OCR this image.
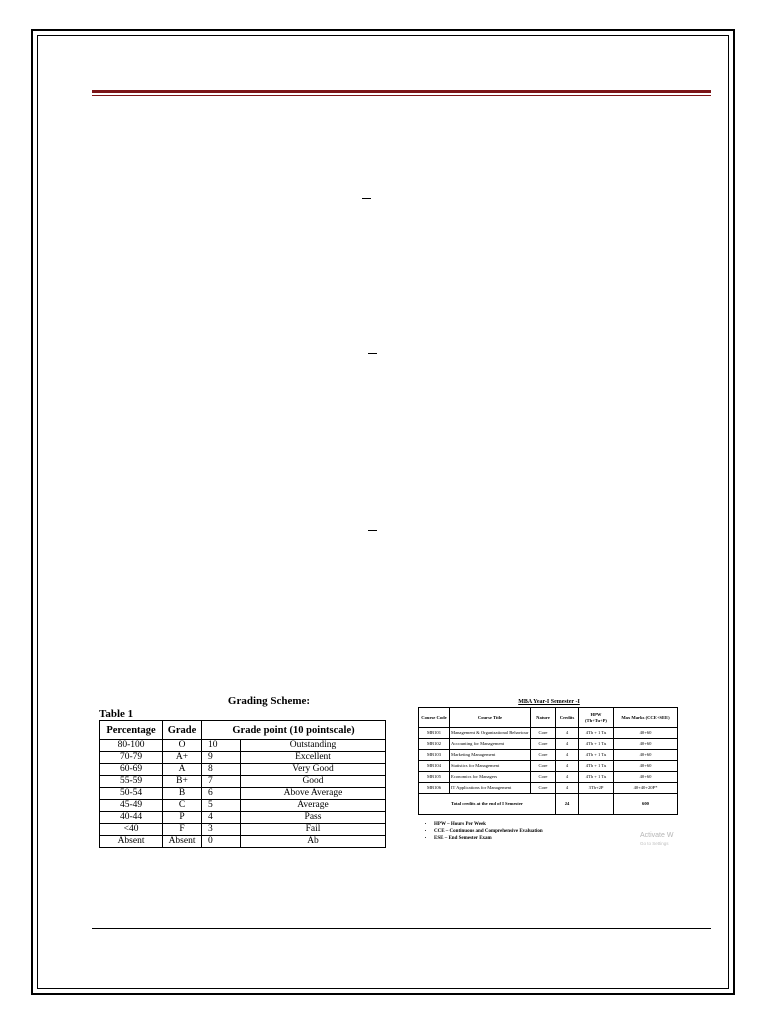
Grading Scheme:
Table 1
Percentage	Grade	Grade point (10 pointscale)	
80-100	O	10	Outstanding
70-79	A+	9	Excellent
60-69	A	8	Very Good
55-59	B+	7	Good
50-54	B	6	Above Average
45-49	C	5	Average
40-44	P	4	Pass
<40	F	3	Fail
Absent	Absent	0	Ab
MBA Year-I Semester -I
Course Code	Course Title	Nature	Credits	HPW (Th+Tu+P)	Max Marks (CCE+SEE)
MB101	Management & Organizational Behaviour	Core	4	4Th + 1 Tu	40+60
MB102	Accounting for Management	Core	4	4Th + 1 Tu	40+60
MB103	Marketing Management	Core	4	4Th + 1 Tu	40+60
MB104	Statistics for Management	Core	4	4Th + 1 Tu	40+60
MB105	Economics for Managers	Core	4	4Th + 1 Tu	40+60
MB106	IT Applications for Management	Core	4	3Th+2P	40+40+20P*
Total credits at the end of I Semester			24		600
• HPW – Hours Per Week
• CCE – Continuous and Comprehensive Evaluation
• ESE – End Semester Exam	Activate W
Go to Settings
